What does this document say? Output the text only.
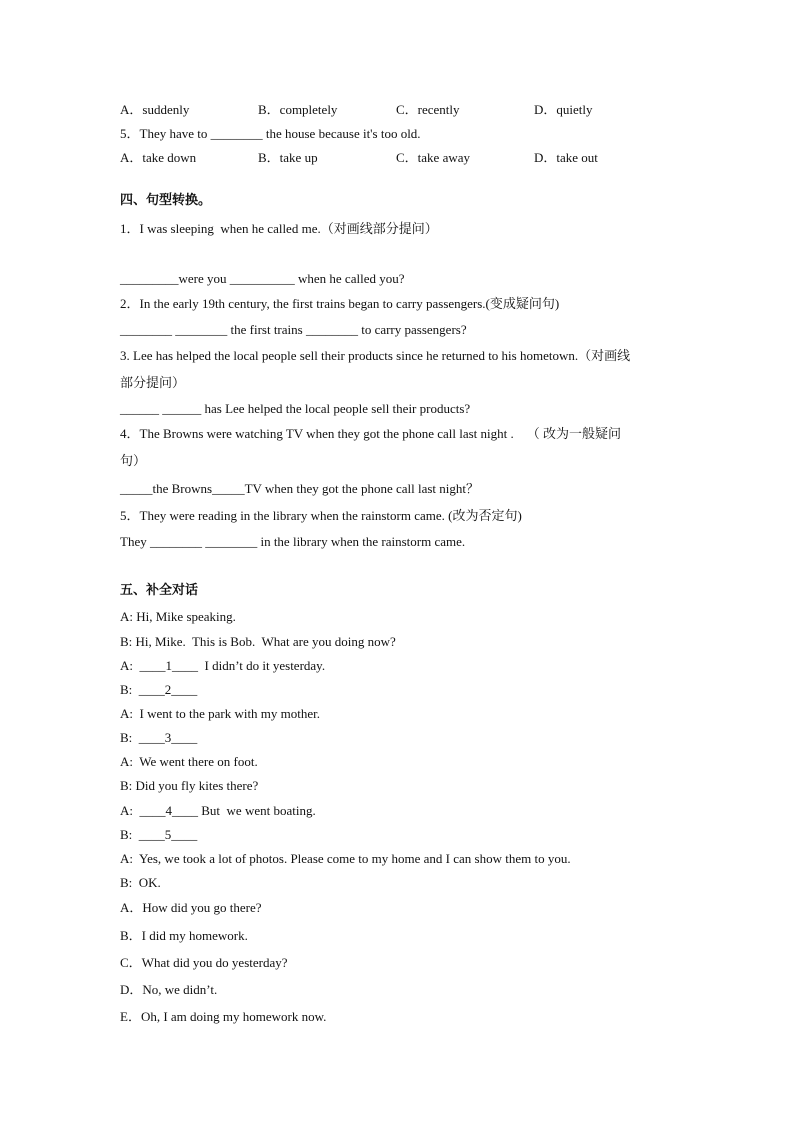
A．suddenly	B．completely	C．recently	D．quietly
5．They have to ________ the house because it's too old.
A．take down	B．take up	C．take away	D．take out
四、句型转换。
1．I was sleeping  when he called me.（对画线部分提问）
_________were you __________ when he called you?
2．In the early 19th century, the first trains began to carry passengers.(变成疑问句)
________ ________ the first trains ________ to carry passengers?
3. Lee has helped the local people sell their products since he returned to his hometown.（对画线
部分提问）
______ ______ has Lee helped the local people sell their products?
4．The Browns were watching TV when they got the phone call last night .    （ 改为一般疑问
句）
_____the Browns_____TV when they got the phone call last night？
5．They were reading in the library when the rainstorm came. (改为否定句)
They ________ ________ in the library when the rainstorm came.
五、补全对话
A: Hi, Mike speaking.
B: Hi, Mike.  This is Bob.  What are you doing now?
A:  ____1____  I didn’t do it yesterday.
B:  ____2____
A:  I went to the park with my mother.
B:  ____3____
A:  We went there on foot.
B: Did you fly kites there?
A:  ____4____ But  we went boating.
B:  ____5____
A:  Yes, we took a lot of photos. Please come to my home and I can show them to you.
B:  OK.
A．How did you go there?
B．I did my homework.
C．What did you do yesterday?
D．No, we didn’t.
E．Oh, I am doing my homework now.
